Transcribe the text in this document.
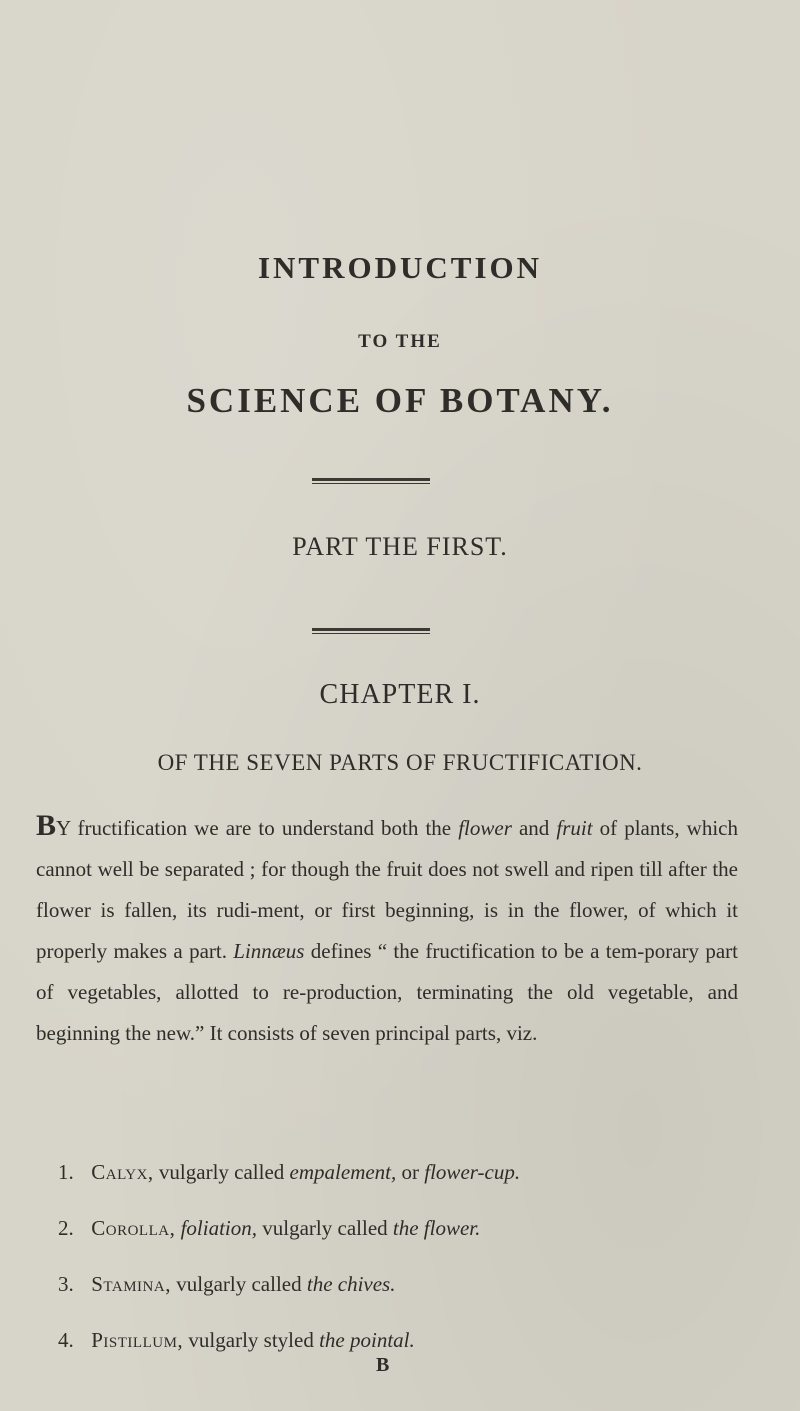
INTRODUCTION
TO THE
SCIENCE OF BOTANY.
PART THE FIRST.
CHAPTER I.
OF THE SEVEN PARTS OF FRUCTIFICATION.
BY fructification we are to understand both the flower and fruit of plants, which cannot well be separated ; for though the fruit does not swell and ripen till after the flower is fallen, its rudi-ment, or first beginning, is in the flower, of which it properly makes a part. Linnæus defines “ the fructification to be a tem-porary part of vegetables, allotted to re-production, terminating the old vegetable, and beginning the new.” It consists of seven principal parts, viz.
1. Calyx, vulgarly called empalement, or flower-cup.
2. Corolla, foliation, vulgarly called the flower.
3. Stamina, vulgarly called the chives.
4. Pistillum, vulgarly styled the pointal.
B
